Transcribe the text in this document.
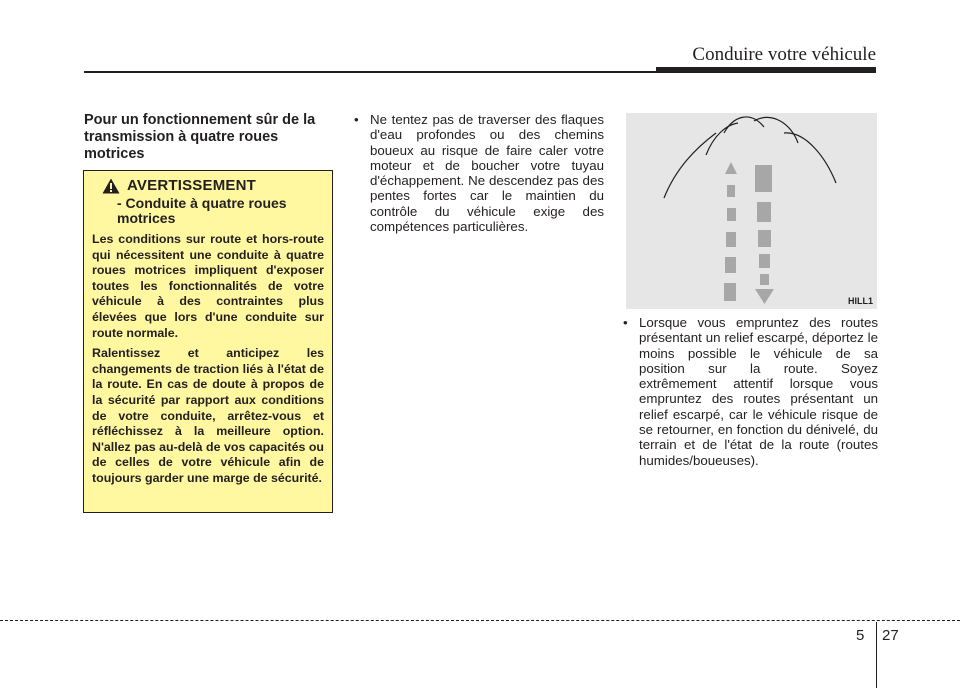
Conduire votre véhicule
Pour un fonctionnement sûr de la
transmission à quatre roues
motrices
AVERTISSEMENT
- Conduite à quatre roues
motrices

Les conditions sur route et hors-route qui nécessitent une conduite à quatre roues motrices impliquent d'exposer toutes les fonctionnalités de votre véhicule à des contraintes plus élevées que lors d'une conduite sur route normale.

Ralentissez et anticipez les changements de traction liés à l'état de la route. En cas de doute à propos de la sécurité par rapport aux conditions de votre conduite, arrêtez-vous et réfléchissez à la meilleure option. N'allez pas au-delà de vos capacités ou de celles de votre véhicule afin de toujours garder une marge de sécurité.

• Ne tentez pas de traverser des flaques d'eau profondes ou des chemins boueux au risque de faire caler votre moteur et de boucher votre tuyau d'échappement. Ne descendez pas des pentes fortes car le maintien du contrôle du véhicule exige des compétences particulières.
HILL1
• Lorsque vous empruntez des routes présentant un relief escarpé, déportez le moins possible le véhicule de sa position sur la route. Soyez extrêmement attentif lorsque vous empruntez des routes présentant un relief escarpé, car le véhicule risque de se retourner, en fonction du dénivelé, du terrain et de l'état de la route (routes humides/boueuses).
5 27
